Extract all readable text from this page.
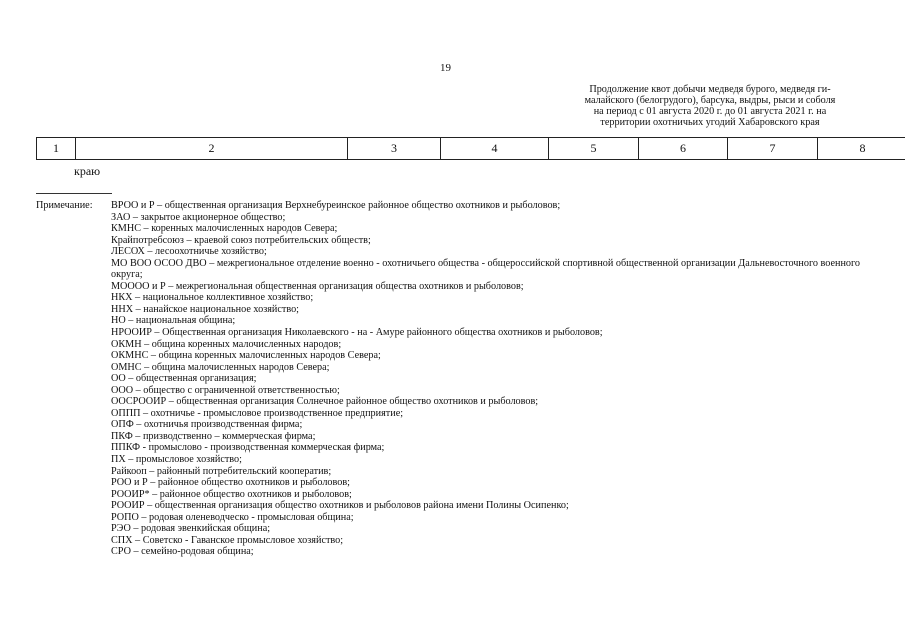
19
Продолжение квот добычи медведя бурого, медведя ги-
малайского (белогрудого), барсука, выдры, рыси и соболя
на период с 01 августа 2020 г. до 01 августа 2021 г. на
территории охотничьих угодий Хабаровского края
1	2	3	4	5	6	7	8
краю
Примечание: ВРОО и Р – общественная организация Верхнебуреинское районное общество охотников и рыболовов;
ЗАО – закрытое акционерное общество;
КМНС – коренных малочисленных народов Севера;
Крайпотребсоюз – краевой союз потребительских обществ;
ЛЕСОХ – лесоохотничье хозяйство;
МО ВОО ОСОО ДВО – межрегиональное отделение военно - охотничьего общества - общероссийской спортивной общественной организации Дальневосточного военного округа;
МОООО и Р – межрегиональная общественная организация общества охотников и рыболовов;
НКХ – национальное коллективное хозяйство;
ННХ – нанайское национальное хозяйство;
НО – национальная община;
НРООИР – Общественная организация Николаевского - на - Амуре районного общества охотников и рыболовов;
ОКМН – община коренных малочисленных народов;
ОКМНС – община коренных малочисленных народов Севера;
ОМНС – община малочисленных народов Севера;
ОО – общественная организация;
ООО – общество с ограниченной ответственностью;
ООСРООИР – общественная организация Солнечное районное общество охотников и рыболовов;
ОППП – охотничье - промысловое производственное предприятие;
ОПФ – охотничья производственная фирма;
ПКФ – призводственно – коммерческая фирма;
ППКФ - промыслово - производственная коммерческая фирма;
ПХ – промысловое хозяйство;
Райкооп – районный потребительский кооператив;
РОО и Р – районное общество охотников и рыболовов;
РООИР* – районное общество охотников и рыболовов;
РООИР – общественная организация общество охотников и рыболовов района имени Полины Осипенко;
РОПО – родовая оленеводческо - промысловая община;
РЭО – родовая эвенкийская община;
СПХ – Советско - Гаванское промысловое хозяйство;
СРО – семейно-родовая община;
